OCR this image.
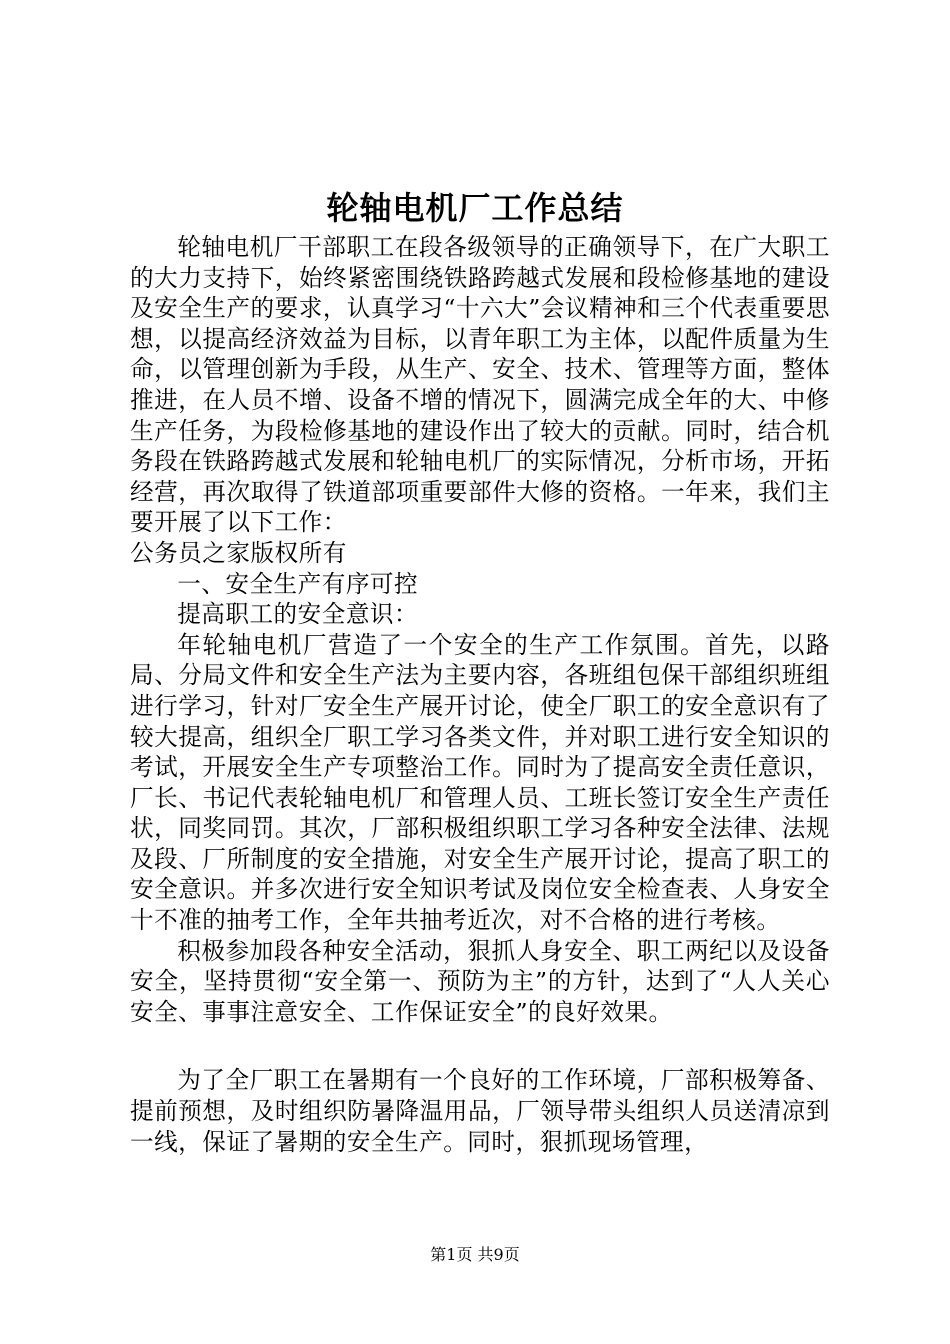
轮轴电机厂工作总结

轮轴电机厂干部职工在段各级领导的正确领导下，在广大职工的大力支持下，始终紧密围绕铁路跨越式发展和段检修基地的建设及安全生产的要求，认真学习“十六大”会议精神和三个代表重要思想，以提高经济效益为目标，以青年职工为主体，以配件质量为生命，以管理创新为手段，从生产、安全、技术、管理等方面，整体推进，在人员不增、设备不增的情况下，圆满完成全年的大、中修生产任务，为段检修基地的建设作出了较大的贡献。同时，结合机务段在铁路跨越式发展和轮轴电机厂的实际情况，分析市场，开拓经营，再次取得了铁道部项重要部件大修的资格。一年来，我们主要开展了以下工作：

公务员之家版权所有

一、安全生产有序可控

提高职工的安全意识：

年轮轴电机厂营造了一个安全的生产工作氛围。首先，以路局、分局文件和安全生产法为主要内容，各班组包保干部组织班组进行学习，针对厂安全生产展开讨论，使全厂职工的安全意识有了较大提高，组织全厂职工学习各类文件，并对职工进行安全知识的考试，开展安全生产专项整治工作。同时为了提高安全责任意识，厂长、书记代表轮轴电机厂和管理人员、工班长签订安全生产责任状，同奖同罚。其次，厂部积极组织职工学习各种安全法律、法规及段、厂所制度的安全措施，对安全生产展开讨论，提高了职工的安全意识。并多次进行安全知识考试及岗位安全检查表、人身安全十不准的抽考工作，全年共抽考近次，对不合格的进行考核。

积极参加段各种安全活动，狠抓人身安全、职工两纪以及设备安全，坚持贯彻“安全第一、预防为主”的方针，达到了“人人关心安全、事事注意安全、工作保证安全”的良好效果。

为了全厂职工在暑期有一个良好的工作环境，厂部积极筹备、提前预想，及时组织防暑降温用品，厂领导带头组织人员送清凉到一线，保证了暑期的安全生产。同时，狠抓现场管理，

第1页 共9页
